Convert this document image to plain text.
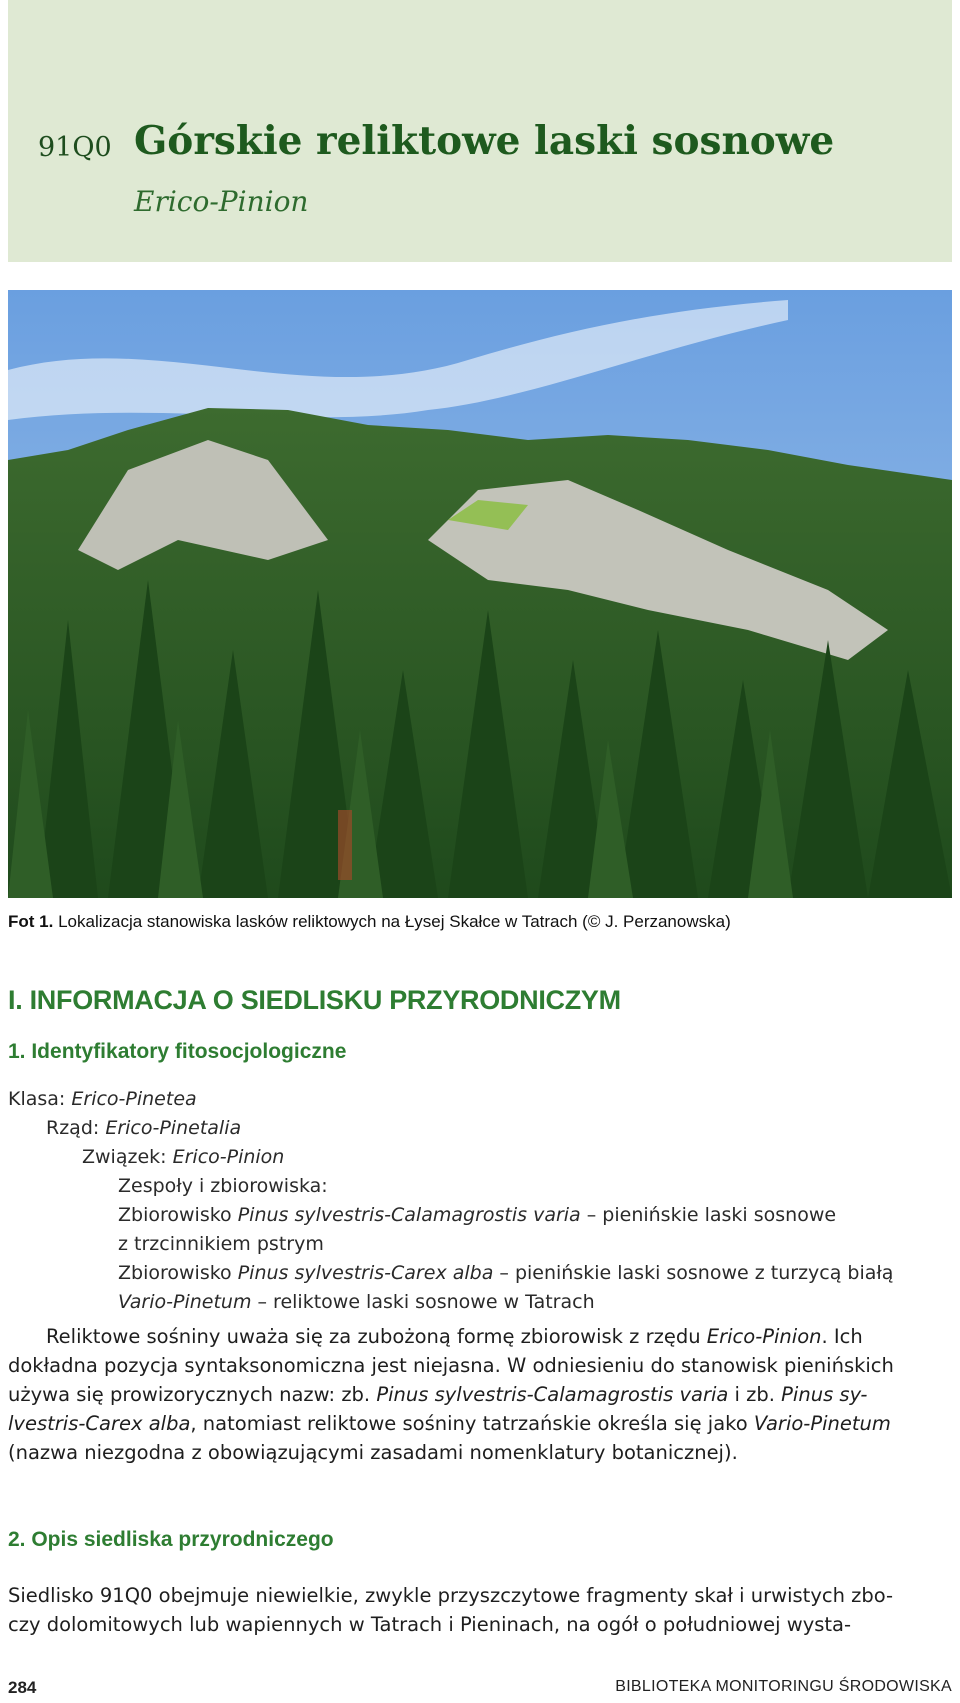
91Q0 Górskie reliktowe laski sosnowe
Erico-Pinion
Fot 1. Lokalizacja stanowiska lasków reliktowych na Łysej Skałce w Tatrach (© J. Perzanowska)
I. INFORMACJA O SIEDLISKU PRZYRODNICZYM
1. Identyfikatory fitosocjologiczne
Klasa: Erico-Pinetea
Rząd: Erico-Pinetalia
Związek: Erico-Pinion
Zespoły i zbiorowiska:
Zbiorowisko Pinus sylvestris-Calamagrostis varia – pienińskie laski sosnowe
z trzcinnikiem pstrym
Zbiorowisko Pinus sylvestris-Carex alba – pienińskie laski sosnowe z turzycą białą
Vario-Pinetum – reliktowe laski sosnowe w Tatrach
Reliktowe sośniny uważa się za zubożoną formę zbiorowisk z rzędu Erico-Pinion. Ich
dokładna pozycja syntaksonomiczna jest niejasna. W odniesieniu do stanowisk pienińskich
używa się prowizorycznych nazw: zb. Pinus sylvestris-Calamagrostis varia i zb. Pinus sy-
lvestris-Carex alba, natomiast reliktowe sośniny tatrzańskie określa się jako Vario-Pinetum
(nazwa niezgodna z obowiązującymi zasadami nomenklatury botanicznej).
2. Opis siedliska przyrodniczego
Siedlisko 91Q0 obejmuje niewielkie, zwykle przyszczytowe fragmenty skał i urwistych zbo-
czy dolomitowych lub wapiennych w Tatrach i Pieninach, na ogół o południowej wysta-
284	BIBLIOTEKA MONITORINGU ŚRODOWISKA
